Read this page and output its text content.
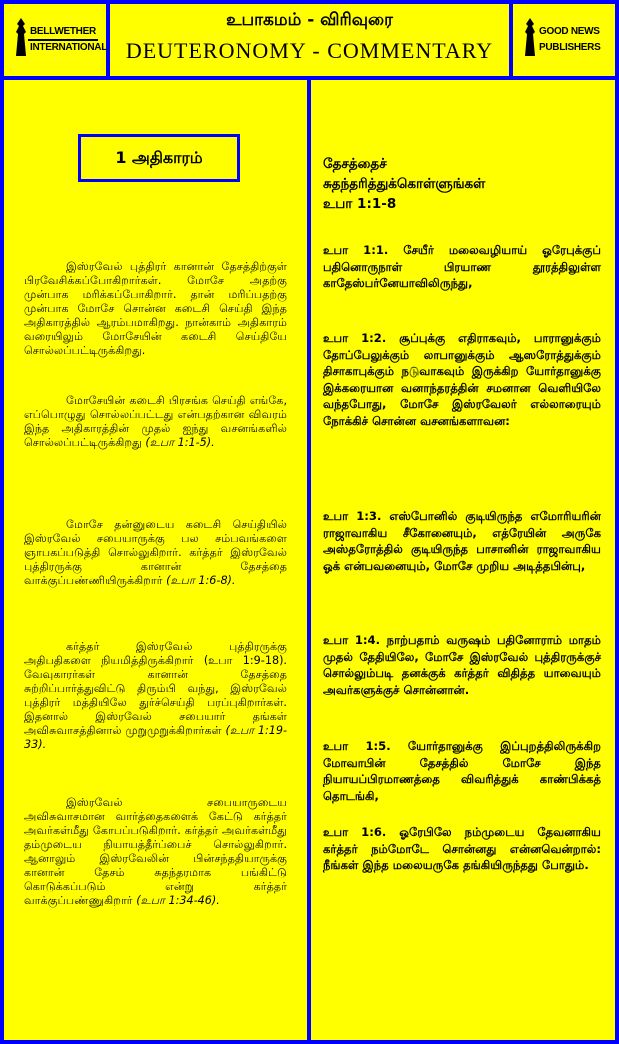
BELLWETHER
INTERNATIONAL
உபாகமம் - விரிவுரை
DEUTERONOMY - COMMENTARY
GOOD NEWS
PUBLISHERS
1 அதிகாரம்

இஸ்ரவேல் புத்திரர் கானான் தேசத்திற்குள் பிரவேசிக்கப்போகிறார்கள். மோசே அதற்கு முன்பாக மரிக்கப்போகிறார். தான் மரிப்பதற்கு முன்பாக மோசே சொன்ன கடைசி செய்தி இந்த அதிகாரத்தில் ஆரம்பமாகிறது. நான்காம் அதிகாரம் வரையிலும் மோசேயின் கடைசி செய்தியே சொல்லப்பட்டிருக்கிறது.

மோசேயின் கடைசி பிரசங்க செய்தி எங்கே, எப்பொழுது சொல்லப்பட்டது என்பதற்கான விவரம் இந்த அதிகாரத்தின் முதல் ஐந்து வசனங்களில் சொல்லப்பட்டிருக்கிறது (உபா 1:1-5).

மோசே தன்னுடைய கடைசி செய்தியில் இஸ்ரவேல் சபையாருக்கு பல சம்பவங்களை ஞாபகப்படுத்தி சொல்லுகிறார். கர்த்தர் இஸ்ரவேல் புத்திரருக்கு கானான் தேசத்தை வாக்குப்பண்ணியிருக்கிறார் (உபா 1:6-8).

கர்த்தர் இஸ்ரவேல் புத்திரருக்கு அதிபதிகளை நியமித்திருக்கிறார் (உபா 1:9-18). வேவுகாரர்கள் கானான் தேசத்தை சுற்றிப்பார்த்துவிட்டு திரும்பி வந்து, இஸ்ரவேல் புத்திரர் மத்தியிலே துர்ச்செய்தி பரப்புகிறார்கள். இதனால் இஸ்ரவேல் சபையார் தங்கள் அவிசுவாசத்தினால் முறுமுறுக்கிறார்கள் (உபா 1:19-33).

இஸ்ரவேல் சபையாருடைய அவிசுவாசமான வார்த்தைகளைக் கேட்டு கர்த்தர் அவர்கள்மீது கோபப்படுகிறார். கர்த்தர் அவர்கள்மீது தம்முடைய நியாயத்தீர்ப்பைச் சொல்லுகிறார். ஆனாலும் இஸ்ரவேலின் பின்சந்ததியாருக்கு கானான் தேசம் சுதந்தரமாக பங்கிட்டு கொடுக்கப்படும் என்று கர்த்தர் வாக்குப்பண்ணுகிறார் (உபா 1:34-46).

தேசத்தைச்
சுதந்தரித்துக்கொள்ளுங்கள்
உபா 1:1-8

உபா 1:1. சேயீர் மலைவழியாய் ஓரேபுக்குப் பதினொருநாள் பிரயாண தூரத்திலுள்ள காதேஸ்பர்னேயாவிலிருந்து,

உபா 1:2. சூப்புக்கு எதிராகவும், பாரானுக்கும் தோப்பேலுக்கும் லாபானுக்கும் ஆஸரோத்துக்கும் திசாகாபுக்கும் நடுவாகவும் இருக்கிற யோர்தானுக்கு இக்கரையான வனாந்தரத்தின் சமனான வெளியிலே வந்தபோது, மோசே இஸ்ரவேலர் எல்லாரையும் நோக்கிச் சொன்ன வசனங்களாவன:

உபா 1:3. எஸ்போனில் குடியிருந்த எமோரியரின் ராஜாவாகிய சீகோனையும், எத்ரேயின் அருகே அஸ்தரோத்தில் குடியிருந்த பாசானின் ராஜாவாகிய ஓக் என்பவனையும், மோசே முறிய அடித்தபின்பு,

உபா 1:4. நாற்பதாம் வருஷம் பதினோராம் மாதம் முதல் தேதியிலே, மோசே இஸ்ரவேல் புத்திரருக்குச் சொல்லும்படி தனக்குக் கர்த்தர் விதித்த யாவையும் அவர்களுக்குச் சொன்னான்.

உபா 1:5. யோர்தானுக்கு இப்புறத்திலிருக்கிற மோவாபின் தேசத்தில் மோசே இந்த நியாயப்பிரமாணத்தை விவரித்துக் காண்பிக்கத் தொடங்கி,

உபா 1:6. ஓரேபிலே நம்முடைய தேவனாகிய கர்த்தர் நம்மோடே சொன்னது என்னவென்றால்: நீங்கள் இந்த மலையருகே தங்கியிருந்தது போதும்.
